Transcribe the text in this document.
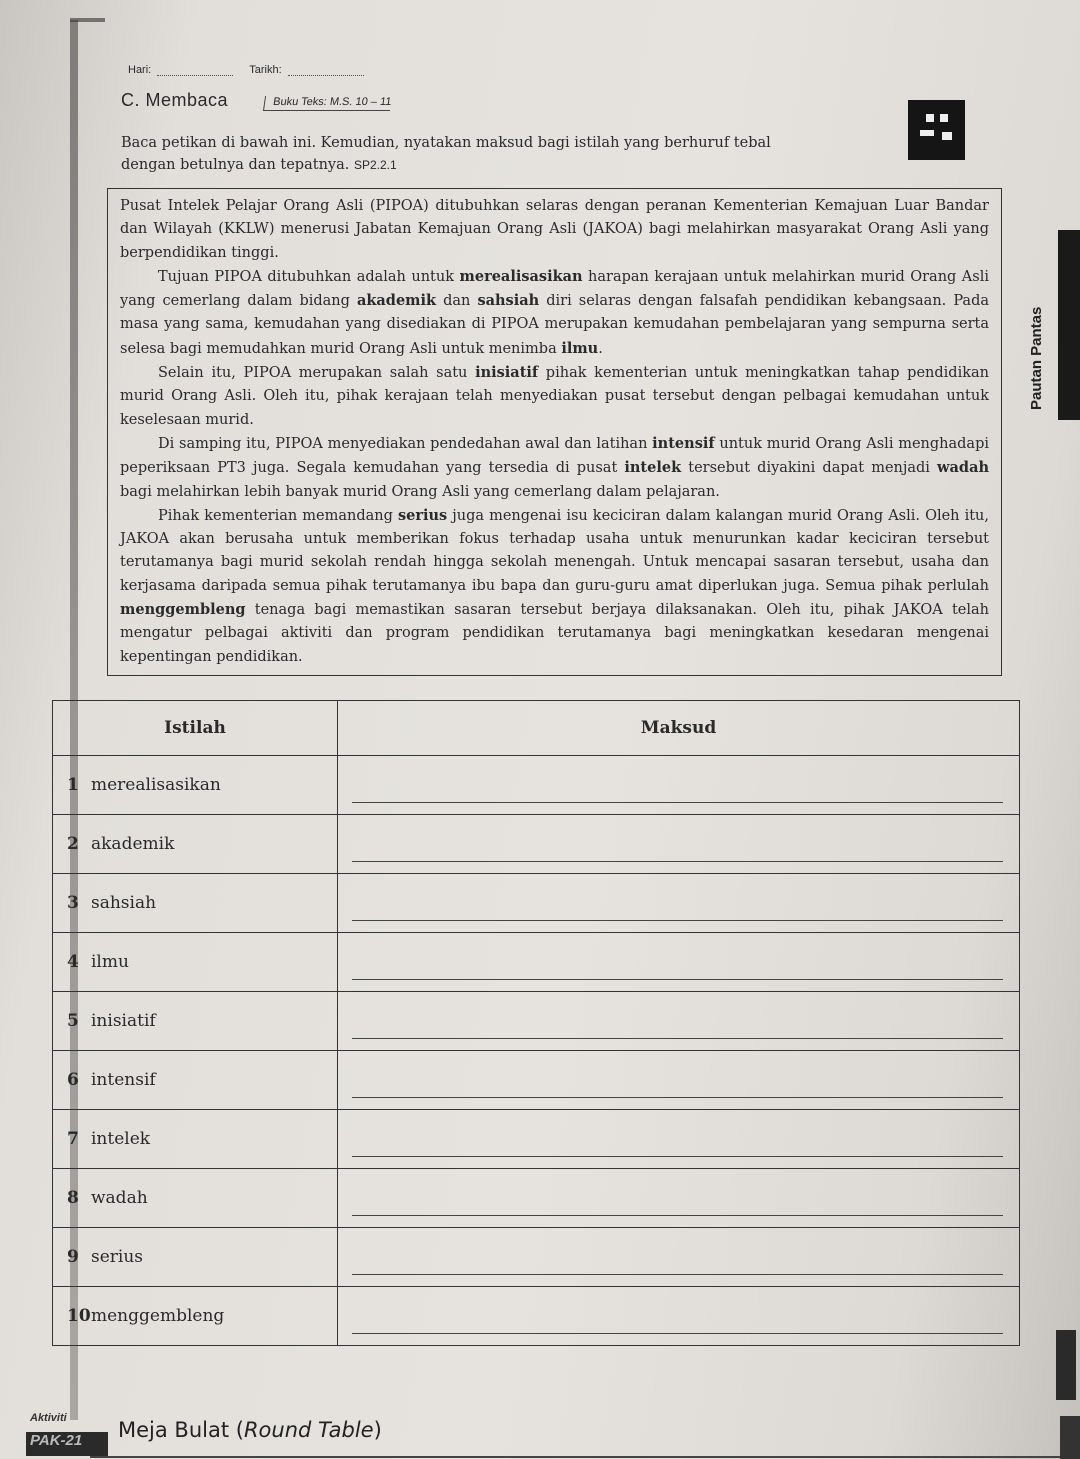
Hari:	Tarikh:
C. Membaca	Buku Teks: M.S. 10 – 11
Baca petikan di bawah ini. Kemudian, nyatakan maksud bagi istilah yang berhuruf tebal
dengan betulnya dan tepatnya. SP2.2.1

Pusat Intelek Pelajar Orang Asli (PIPOA) ditubuhkan selaras dengan peranan Kementerian Kemajuan Luar Bandar dan Wilayah (KKLW) menerusi Jabatan Kemajuan Orang Asli (JAKOA) bagi melahirkan masyarakat Orang Asli yang berpendidikan tinggi.

Tujuan PIPOA ditubuhkan adalah untuk merealisasikan harapan kerajaan untuk melahirkan murid Orang Asli yang cemerlang dalam bidang akademik dan sahsiah diri selaras dengan falsafah pendidikan kebangsaan. Pada masa yang sama, kemudahan yang disediakan di PIPOA merupakan kemudahan pembelajaran yang sempurna serta selesa bagi memudahkan murid Orang Asli untuk menimba ilmu.

Selain itu, PIPOA merupakan salah satu inisiatif pihak kementerian untuk meningkatkan tahap pendidikan murid Orang Asli. Oleh itu, pihak kerajaan telah menyediakan pusat tersebut dengan pelbagai kemudahan untuk keselesaan murid.

Di samping itu, PIPOA menyediakan pendedahan awal dan latihan intensif untuk murid Orang Asli menghadapi peperiksaan PT3 juga. Segala kemudahan yang tersedia di pusat intelek tersebut diyakini dapat menjadi wadah bagi melahirkan lebih banyak murid Orang Asli yang cemerlang dalam pelajaran.

Pihak kementerian memandang serius juga mengenai isu keciciran dalam kalangan murid Orang Asli. Oleh itu, JAKOA akan berusaha untuk memberikan fokus terhadap usaha untuk menurunkan kadar keciciran tersebut terutamanya bagi murid sekolah rendah hingga sekolah menengah. Untuk mencapai sasaran tersebut, usaha dan kerjasama daripada semua pihak terutamanya ibu bapa dan guru-guru amat diperlukan juga. Semua pihak perlulah menggembleng tenaga bagi memastikan sasaran tersebut berjaya dilaksanakan. Oleh itu, pihak JAKOA telah mengatur pelbagai aktiviti dan program pendidikan terutamanya bagi meningkatkan kesedaran mengenai kepentingan pendidikan.

Pautan Pantas
Istilah	Maksud
1 merealisasikan	

2 akademik	

3 sahsiah	

4 ilmu	

5 inisiatif	

6 intensif	

7 intelek	

8 wadah	

9 serius	

10menggembleng	
Aktiviti
PAK-21	Meja Bulat (Round Table)
